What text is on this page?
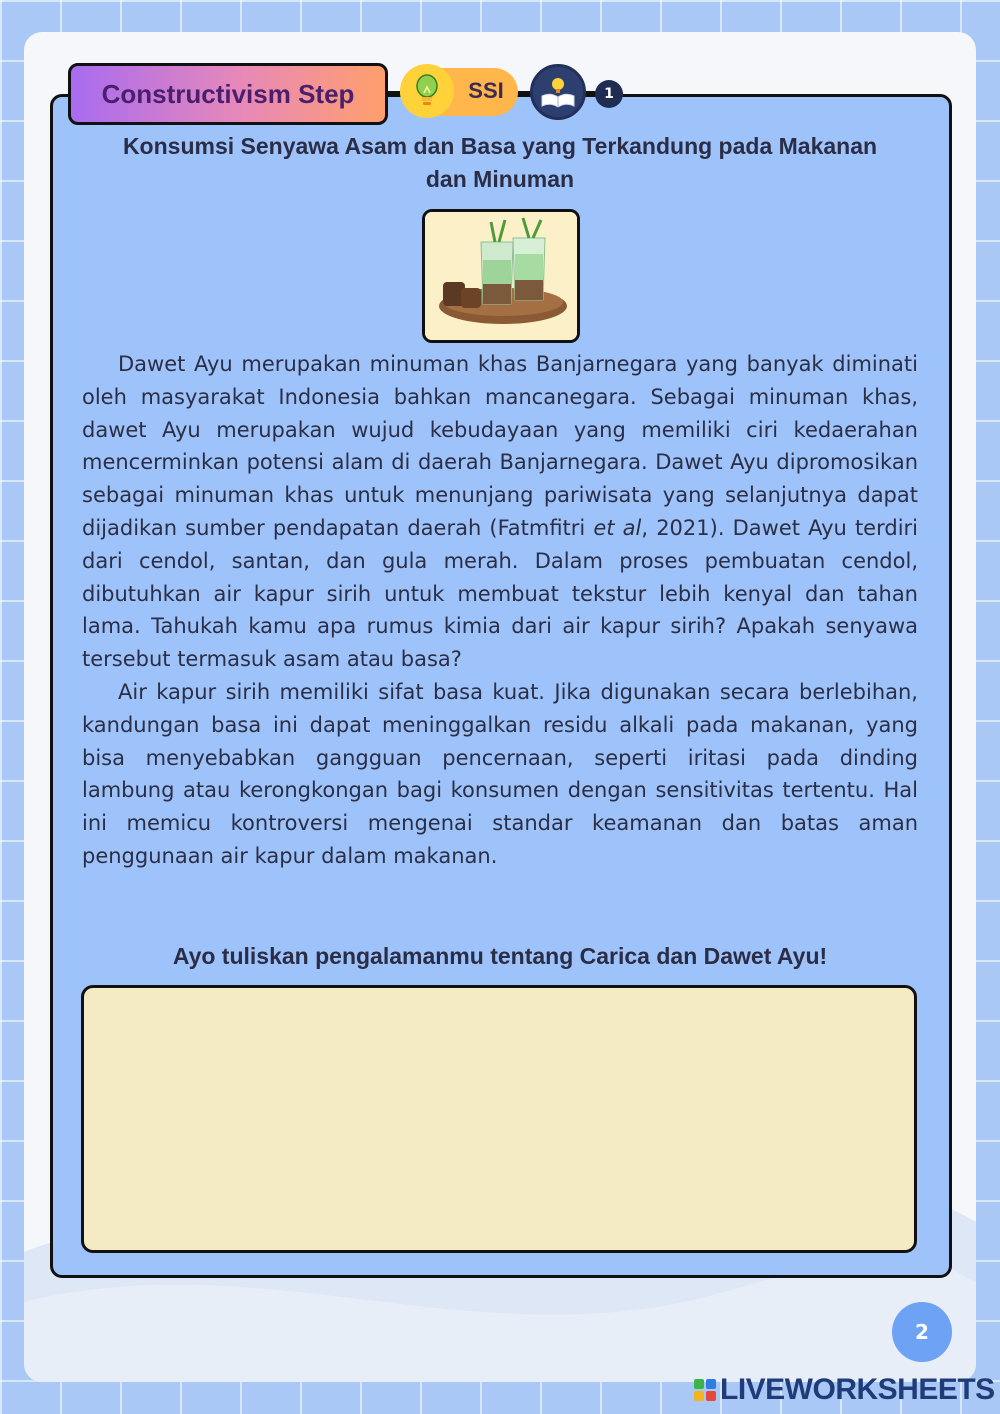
Constructivism Step	SSI	1
Konsumsi Senyawa Asam dan Basa yang Terkandung pada Makanan dan Minuman

Dawet Ayu merupakan minuman khas Banjarnegara yang banyak diminati oleh masyarakat Indonesia bahkan mancanegara. Sebagai minuman khas, dawet Ayu merupakan wujud kebudayaan yang memiliki ciri kedaerahan mencerminkan potensi alam di daerah Banjarnegara. Dawet Ayu dipromosikan sebagai minuman khas untuk menunjang pariwisata yang selanjutnya dapat dijadikan sumber pendapatan daerah (Fatmfitri et al, 2021). Dawet Ayu terdiri dari cendol, santan, dan gula merah. Dalam proses pembuatan cendol, dibutuhkan air kapur sirih untuk membuat tekstur lebih kenyal dan tahan lama. Tahukah kamu apa rumus kimia dari air kapur sirih? Apakah senyawa tersebut termasuk asam atau basa?

Air kapur sirih memiliki sifat basa kuat. Jika digunakan secara berlebihan, kandungan basa ini dapat meninggalkan residu alkali pada makanan, yang bisa menyebabkan gangguan pencernaan, seperti iritasi pada dinding lambung atau kerongkongan bagi konsumen dengan sensitivitas tertentu. Hal ini memicu kontroversi mengenai standar keamanan dan batas aman penggunaan air kapur dalam makanan.

Ayo tuliskan pengalamanmu tentang Carica dan Dawet Ayu!
2
LIVEWORKSHEETS
